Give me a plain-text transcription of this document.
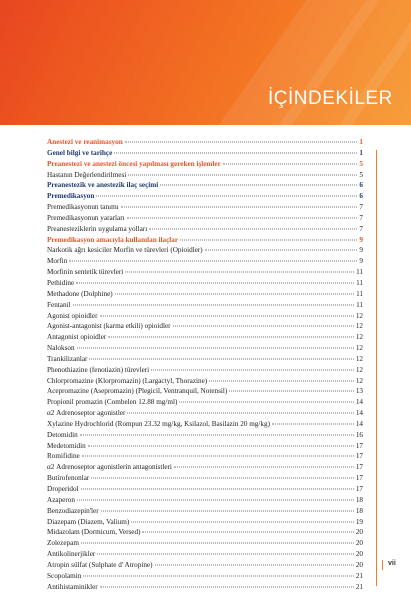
İÇİNDEKİLER
Anestezi ve reanimasyon	1
Genel bilgi ve tarihçe	1
Preanestezi ve anestezi öncesi yapılması gereken işlemler	5
Hastanın Değerlendirilmesi	5
Preanestezik ve anestezik ilaç seçimi	6
Premedikasyon	6
Premedikasyonun tanımı	7
Premedikasyonun yararları	7
Preanesteziklerin uygulama yolları	7
Premedikasyon amacıyla kullanılan ilaçlar	9
Narkotik ağrı kesiciler Morfin ve türevleri (Opioidler)	9
Morfin	9
Morfinin sentetik türevleri	11
Pethidine	11
Methadone (Dolphine)	11
Fentanil	11
Agonist opioidler	12
Agonist-antagonist (karma etkili) opioidler	12
Antagonist opioidler	12
Nalokson	12
Trankilizanlar	12
Phenothiazine (fenotiazin) türevleri	12
Chlorpromazine (Klorpromazin) (Largactyl, Thorazine)	12
Acepromazine (Asepromazin) (Plegicil, Ventranquil, Notensil)	13
Propionil promazin (Combelen 12.88 mg/ml)	14
α2 Adrenoseptor agonistler	14
Xylazine Hydrochlorid (Rompun 23.32 mg/kg, Ksilazol, Basilazin 20 mg/kg)	14
Detomidin	16
Medetomidin	17
Romifidine	17
α2 Adrenoseptor agonistlerin antagonistleri	17
Butirofenonlar	17
Droperidol	17
Azaperon	18
Benzodiazepin'ler	18
Diazepam (Diazem, Valium)	19
Midazolam (Dormicum, Versed)	20
Zolezepam	20
Antikolinerjikler	20
Atropin sülfat (Sulphate d' Atropine)	20
Scopolamin	21
Antihistaminikler	21
vii
